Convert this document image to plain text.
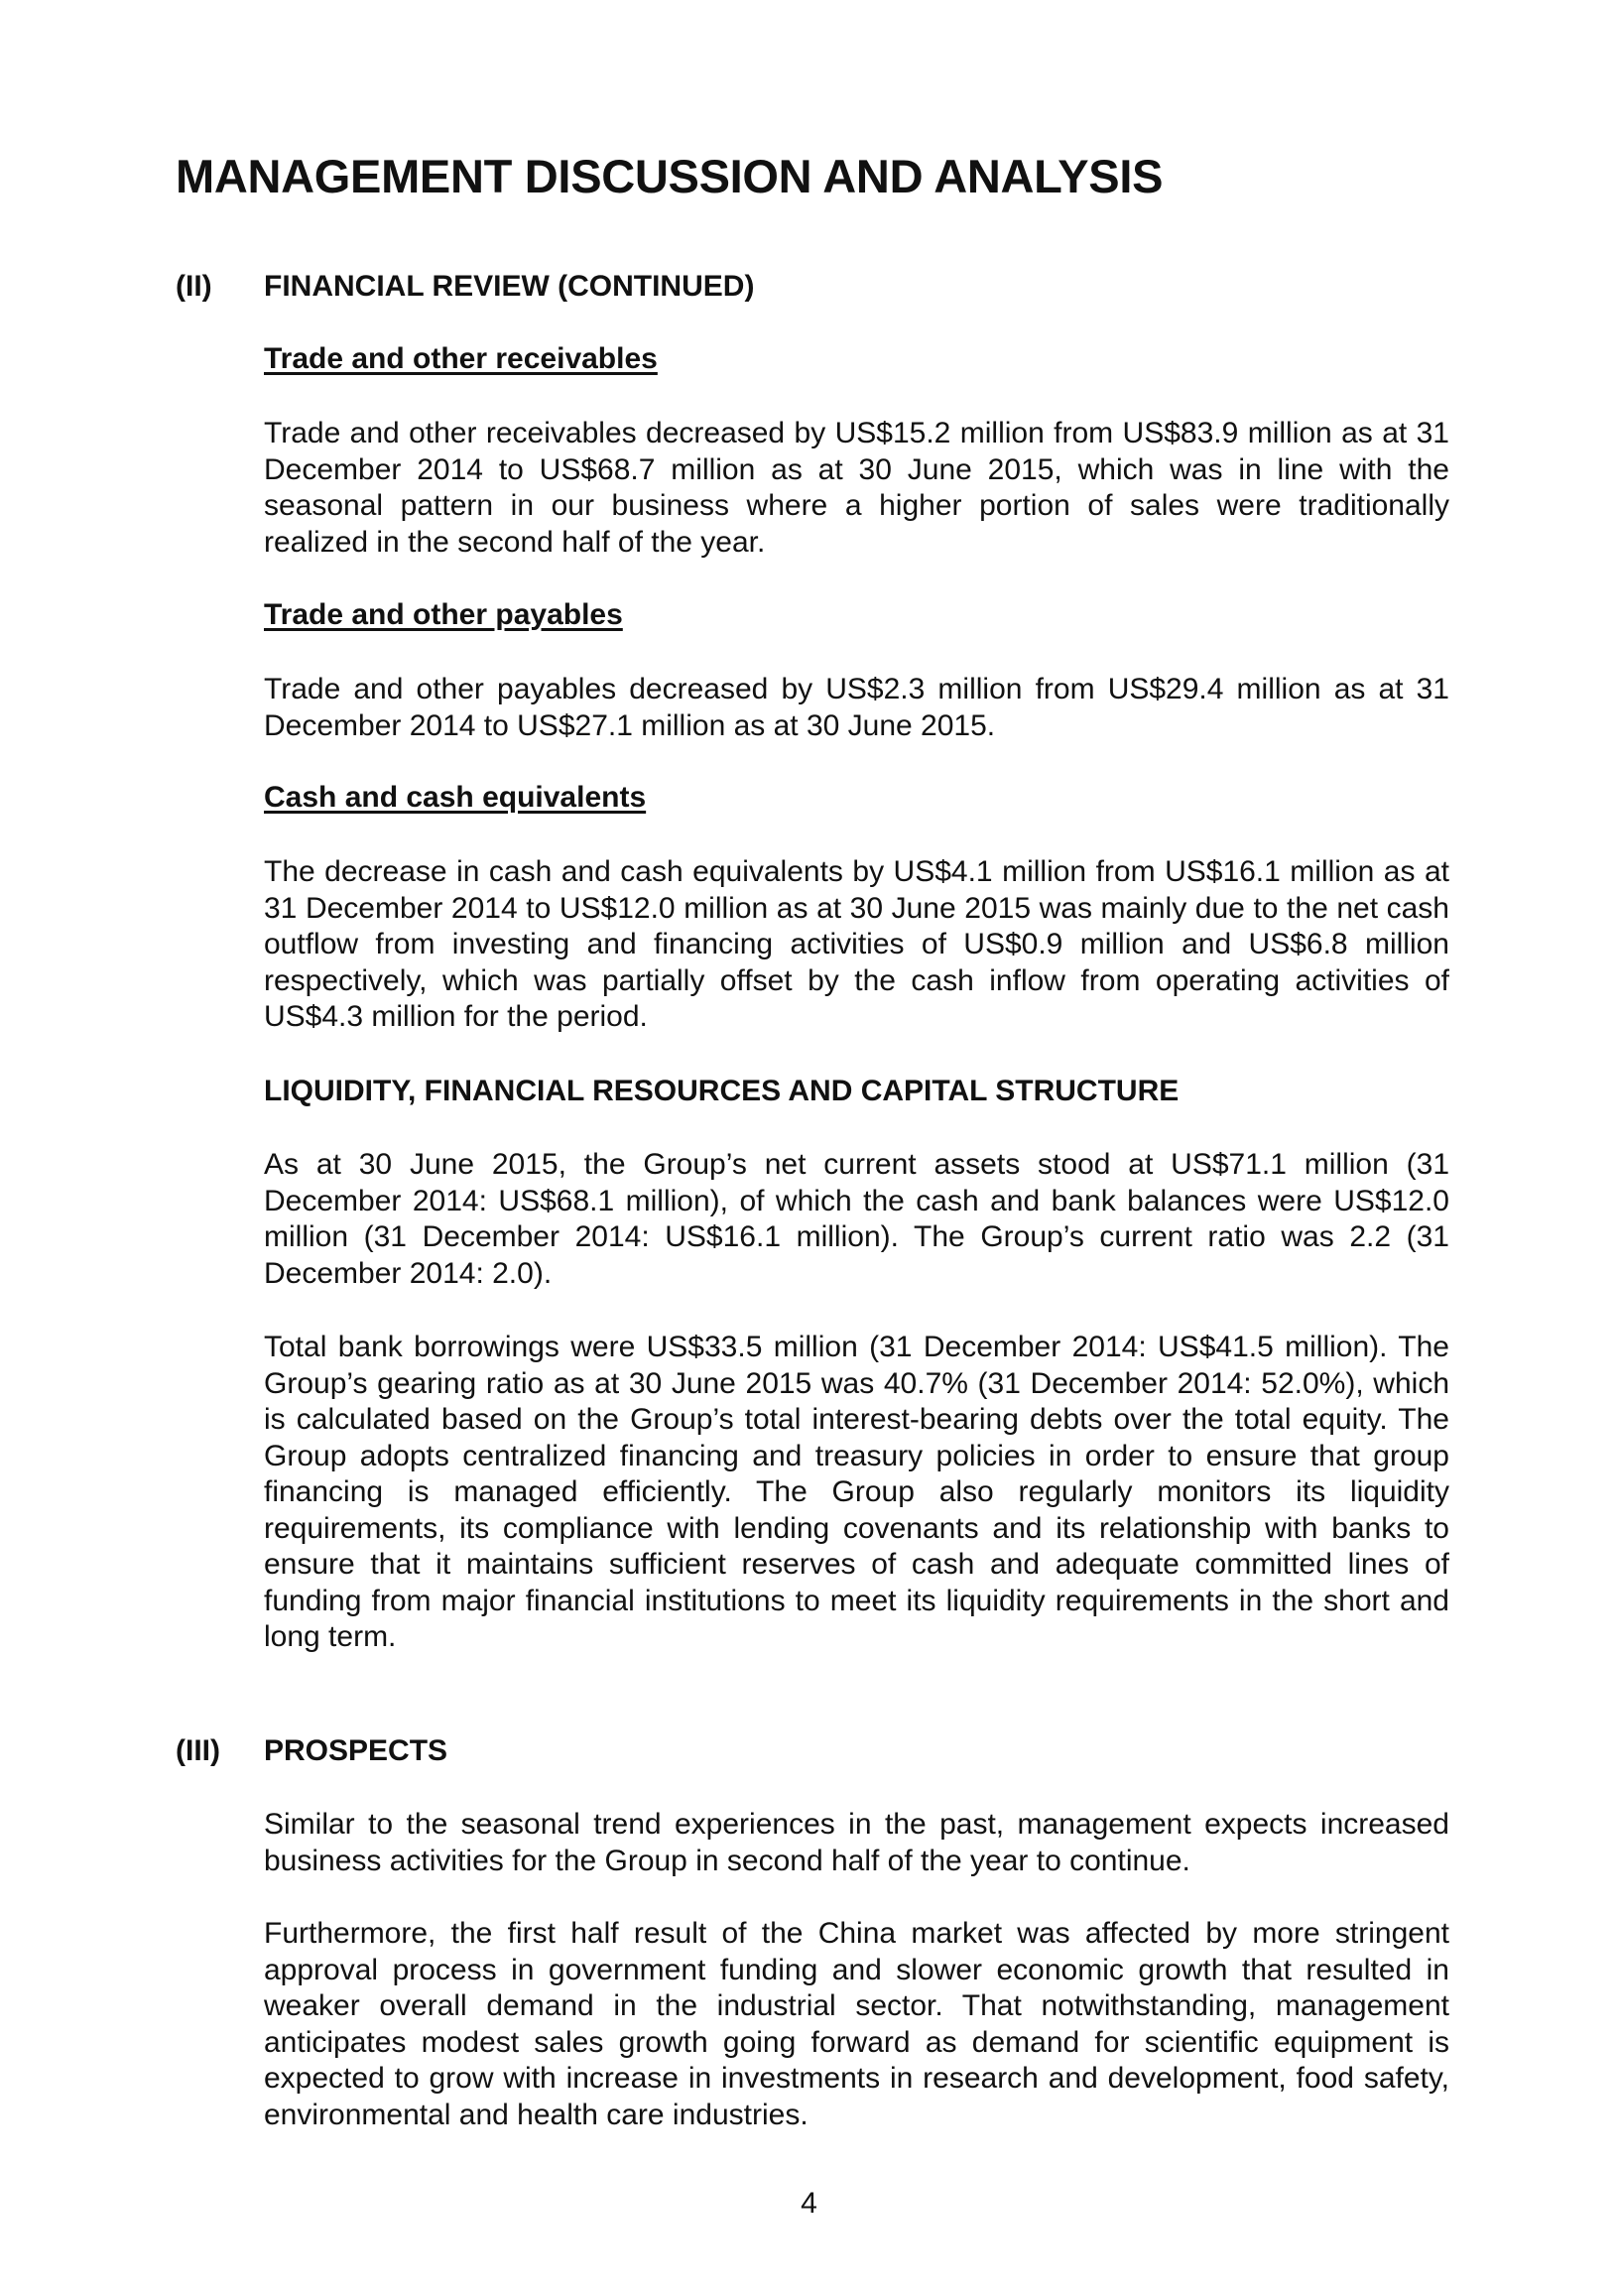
MANAGEMENT DISCUSSION AND ANALYSIS
(II) FINANCIAL REVIEW (CONTINUED)
Trade and other receivables

Trade and other receivables decreased by US$15.2 million from US$83.9 million as at 31 December 2014 to US$68.7 million as at 30 June 2015, which was in line with the seasonal pattern in our business where a higher portion of sales were traditionally realized in the second half of the year.

Trade and other payables

Trade and other payables decreased by US$2.3 million from US$29.4 million as at 31 December 2014 to US$27.1 million as at 30 June 2015.

Cash and cash equivalents

The decrease in cash and cash equivalents by US$4.1 million from US$16.1 million as at 31 December 2014 to US$12.0 million as at 30 June 2015 was mainly due to the net cash outflow from investing and financing activities of US$0.9 million and US$6.8 million respectively, which was partially offset by the cash inflow from operating activities of US$4.3 million for the period.

LIQUIDITY, FINANCIAL RESOURCES AND CAPITAL STRUCTURE

As at 30 June 2015, the Group’s net current assets stood at US$71.1 million (31 December 2014: US$68.1 million), of which the cash and bank balances were US$12.0 million (31 December 2014: US$16.1 million). The Group’s current ratio was 2.2 (31 December 2014: 2.0).

Total bank borrowings were US$33.5 million (31 December 2014: US$41.5 million). The Group’s gearing ratio as at 30 June 2015 was 40.7% (31 December 2014: 52.0%), which is calculated based on the Group’s total interest-bearing debts over the total equity. The Group adopts centralized financing and treasury policies in order to ensure that group financing is managed efficiently. The Group also regularly monitors its liquidity requirements, its compliance with lending covenants and its relationship with banks to ensure that it maintains sufficient reserves of cash and adequate committed lines of funding from major financial institutions to meet its liquidity requirements in the short and long term.

(III) PROSPECTS

Similar to the seasonal trend experiences in the past, management expects increased business activities for the Group in second half of the year to continue.

Furthermore, the first half result of the China market was affected by more stringent approval process in government funding and slower economic growth that resulted in weaker overall demand in the industrial sector. That notwithstanding, management anticipates modest sales growth going forward as demand for scientific equipment is expected to grow with increase in investments in research and development, food safety, environmental and health care industries.

4
